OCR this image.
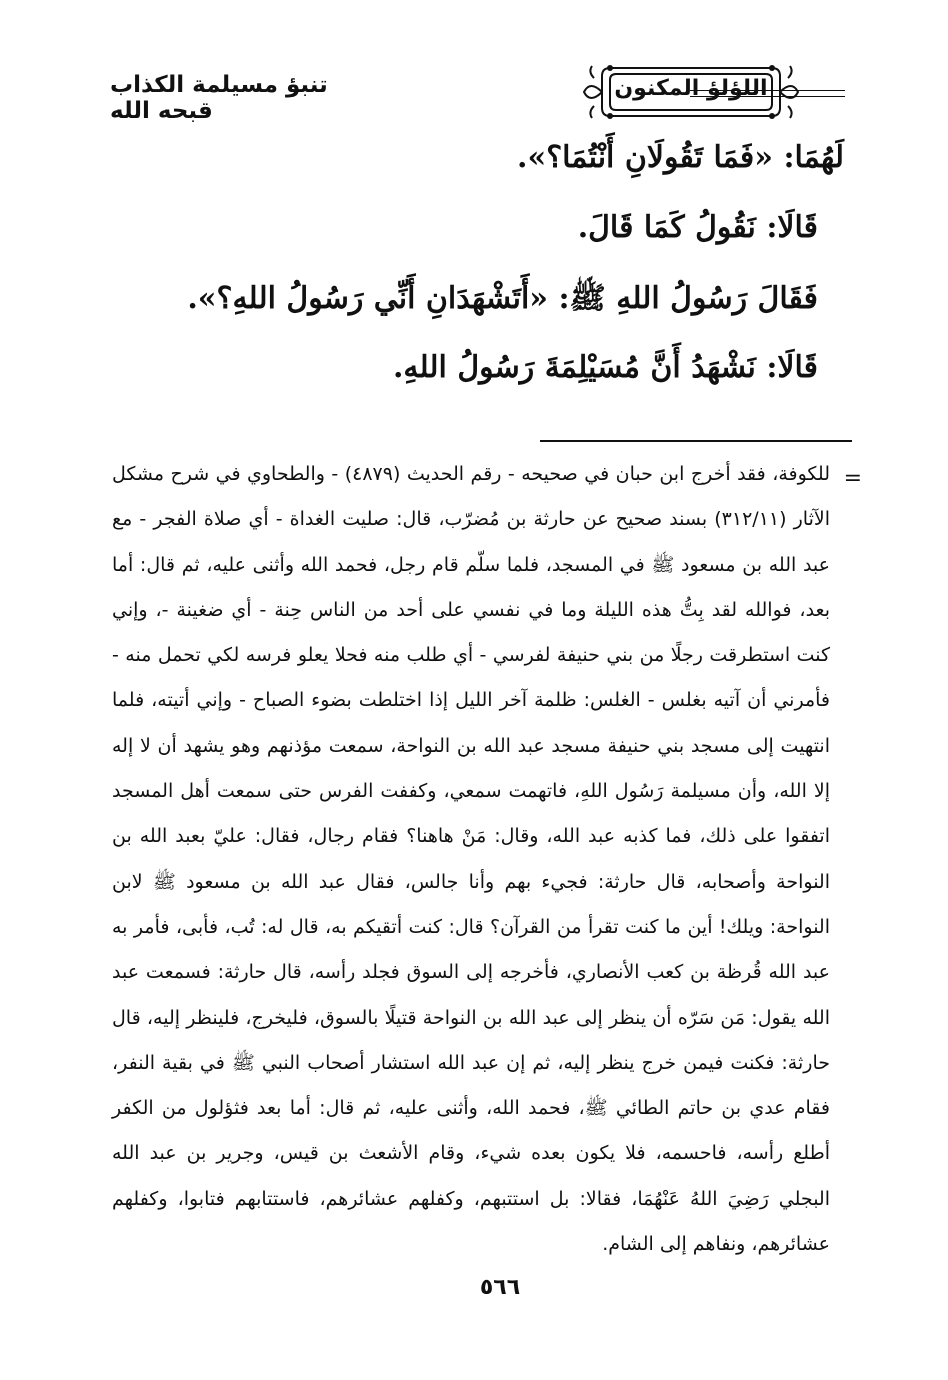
تنبؤ مسيلمة الكذاب قبحه الله
اللؤلؤ المكنون
لَهُمَا: «فَمَا تَقُولَانِ أَنْتُمَا؟».
قَالَا: نَقُولُ كَمَا قَالَ.
فَقَالَ رَسُولُ اللهِ ﷺ: «أَتَشْهَدَانِ أَنِّي رَسُولُ اللهِ؟».
قَالَا: نَشْهَدُ أَنَّ مُسَيْلِمَةَ رَسُولُ اللهِ.
=

للكوفة، فقد أخرج ابن حبان في صحيحه - رقم الحديث (٤٨٧٩) - والطحاوي في شرح مشكل الآثار (٣١٢/١١) بسند صحيح عن حارثة بن مُضرّب، قال: صليت الغداة - أي صلاة الفجر - مع عبد الله بن مسعود ﷺ في المسجد، فلما سلّم قام رجل، فحمد الله وأثنى عليه، ثم قال: أما بعد، فوالله لقد بِتُّ هذه الليلة وما في نفسي على أحد من الناس حِنة - أي ضغينة -، وإني كنت استطرقت رجلًا من بني حنيفة لفرسي - أي طلب منه فحلا يعلو فرسه لكي تحمل منه - فأمرني أن آتيه بغلس - الغلس: ظلمة آخر الليل إذا اختلطت بضوء الصباح - وإني أتيته، فلما انتهيت إلى مسجد بني حنيفة مسجد عبد الله بن النواحة، سمعت مؤذنهم وهو يشهد أن لا إله إلا الله، وأن مسيلمة رَسُول اللهِ، فاتهمت سمعي، وكففت الفرس حتى سمعت أهل المسجد اتفقوا على ذلك، فما كذبه عبد الله، وقال: مَنْ هاهنا؟ فقام رجال، فقال: عليّ بعبد الله بن النواحة وأصحابه، قال حارثة: فجيء بهم وأنا جالس، فقال عبد الله بن مسعود ﷺ لابن النواحة: ويلك! أين ما كنت تقرأ من القرآن؟ قال: كنت أتقيكم به، قال له: تُب، فأبى، فأمر به عبد الله قُرظة بن كعب الأنصاري، فأخرجه إلى السوق فجلد رأسه، قال حارثة: فسمعت عبد الله يقول: مَن سَرّه أن ينظر إلى عبد الله بن النواحة قتيلًا بالسوق، فليخرج، فلينظر إليه، قال حارثة: فكنت فيمن خرج ينظر إليه، ثم إن عبد الله استشار أصحاب النبي ﷺ في بقية النفر، فقام عدي بن حاتم الطائي ﷺ، فحمد الله، وأثنى عليه، ثم قال: أما بعد فثؤلول من الكفر أطلع رأسه، فاحسمه، فلا يكون بعده شيء، وقام الأشعث بن قيس، وجرير بن عبد الله البجلي رَضِيَ اللهُ عَنْهُمَا، فقالا: بل استتبهم، وكفلهم عشائرهم، فاستتابهم فتابوا، وكفلهم عشائرهم، ونفاهم إلى الشام.

٥٦٦
